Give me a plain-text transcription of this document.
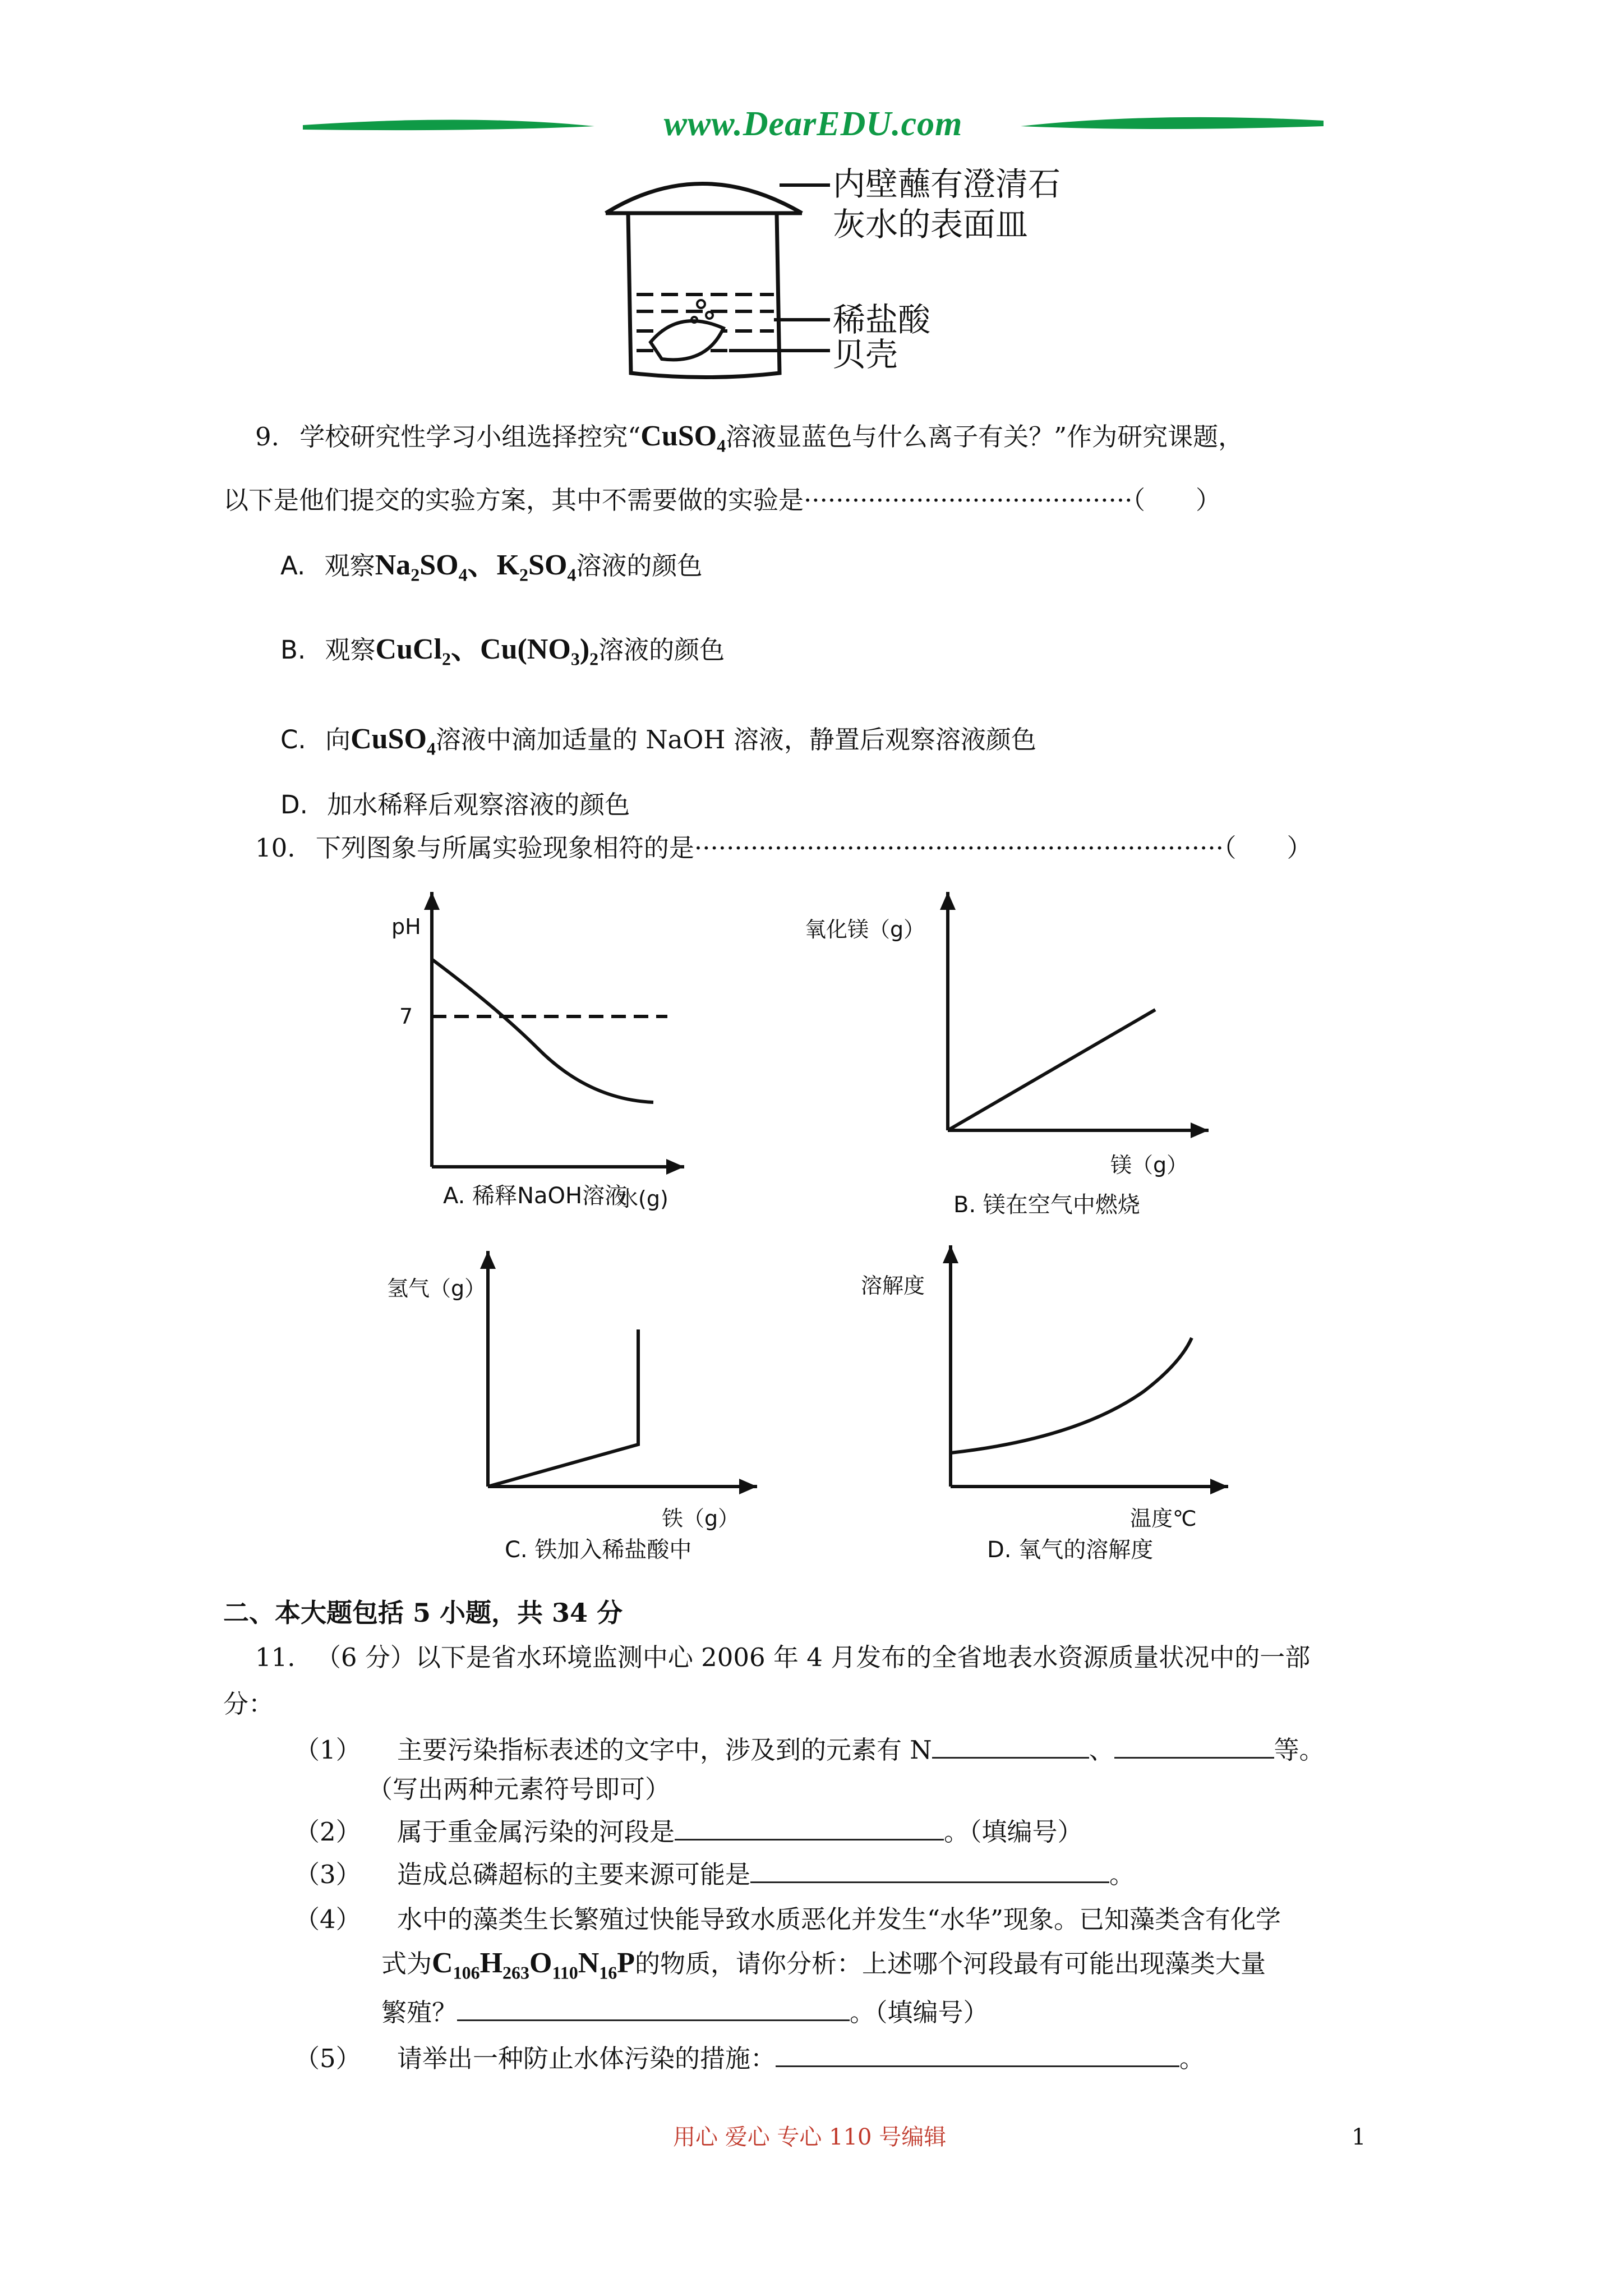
www.DearEDU.com
内壁蘸有澄清石
灰水的表面皿
稀盐酸
贝壳
9. 学校研究性学习小组选择控究“CuSO$_4$溶液显蓝色与什么离子有关？”作为研究课题，
以下是他们提交的实验方案，其中不需要做的实验是·········································（　　）
A. 观察$Na_2SO_4$、$K_2SO_4$溶液的颜色
B. 观察CuCl$_2$、$Cu(NO_3)_2$溶液的颜色
C. 向CuSO$_4$溶液中滴加适量的 NaOH 溶液，静置后观察溶液颜色
D. 加水稀释后观察溶液的颜色
10. 下列图象与所属实验现象相符的是··································································（　　）
pH
7
水(g)
A. 稀释NaOH溶液
氧化镁（g）
镁（g）
B. 镁在空气中燃烧
氢气（g）
铁（g）
C. 铁加入稀盐酸中
溶解度
温度℃
D. 氧气的溶解度
二、本大题包括 5 小题，共 34 分
11. （6 分）以下是省水环境监测中心 2006 年 4 月发布的全省地表水资源质量状况中的一部
分：
（1） 主要污染指标表述的文字中，涉及到的元素有 N	、	等。
（写出两种元素符号即可）
（2） 属于重金属污染的河段是	。（填编号）
（3） 造成总磷超标的主要来源可能是	。
（4） 水中的藻类生长繁殖过快能导致水质恶化并发生“水华”现象。已知藻类含有化学
式为$C_{106}H_{263}O_{110}N_{16}P$的物质，请你分析：上述哪个河段最有可能出现藻类大量
繁殖？	。（填编号）
（5） 请举出一种防止水体污染的措施：	。
用心 爱心 专心 110 号编辑	1
